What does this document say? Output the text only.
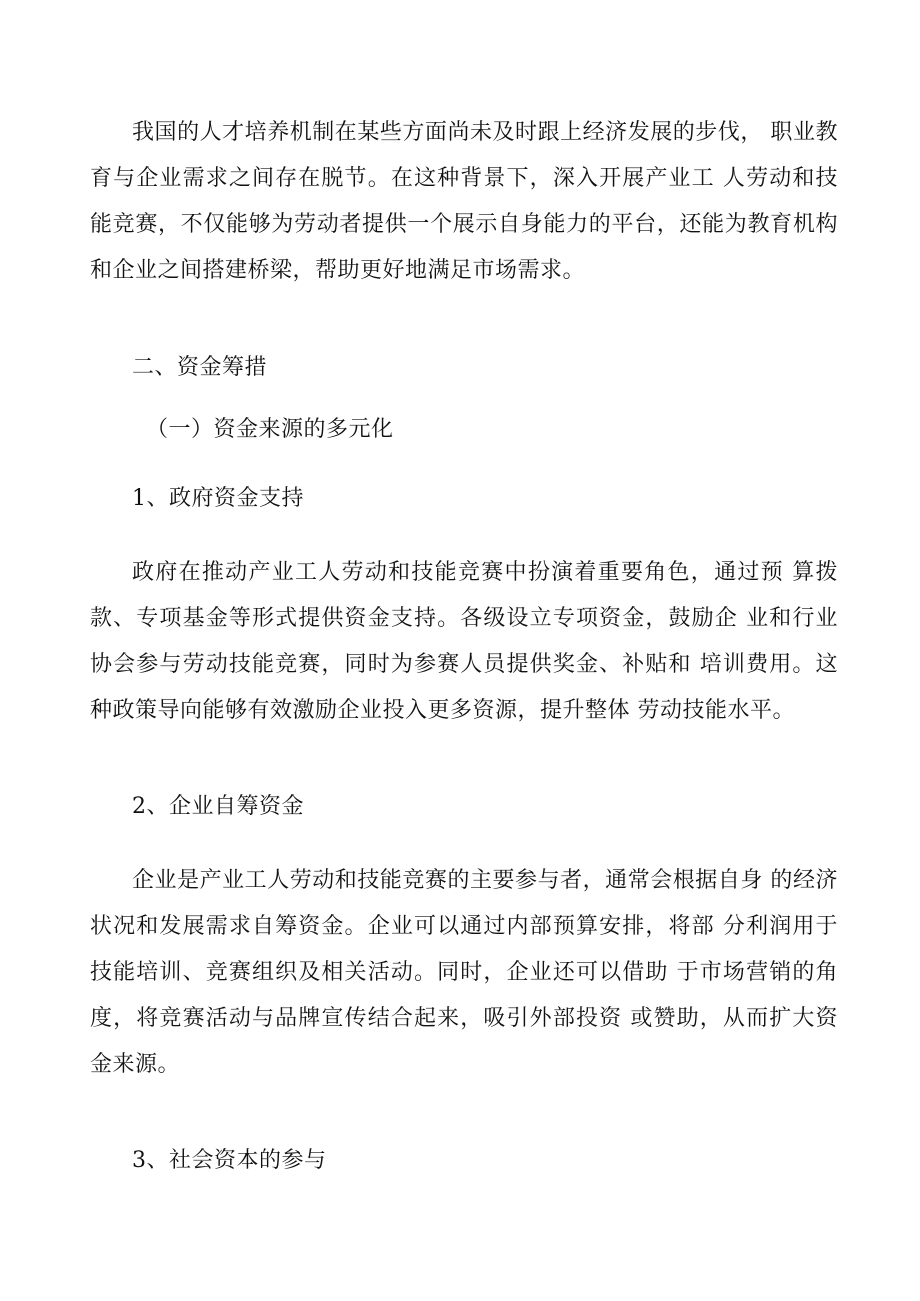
我国的人才培养机制在某些方面尚未及时跟上经济发展的步伐， 职业教育与企业需求之间存在脱节。在这种背景下，深入开展产业工 人劳动和技能竞赛，不仅能够为劳动者提供一个展示自身能力的平台，还能为教育机构和企业之间搭建桥梁，帮助更好地满足市场需求。

二、资金筹措
（一）资金来源的多元化
1、政府资金支持

政府在推动产业工人劳动和技能竞赛中扮演着重要角色，通过预 算拨款、专项基金等形式提供资金支持。各级设立专项资金，鼓励企 业和行业协会参与劳动技能竞赛，同时为参赛人员提供奖金、补贴和 培训费用。这种政策导向能够有效激励企业投入更多资源，提升整体 劳动技能水平。

2、企业自筹资金

企业是产业工人劳动和技能竞赛的主要参与者，通常会根据自身 的经济状况和发展需求自筹资金。企业可以通过内部预算安排，将部 分利润用于技能培训、竞赛组织及相关活动。同时，企业还可以借助 于市场营销的角度，将竞赛活动与品牌宣传结合起来，吸引外部投资 或赞助，从而扩大资金来源。

3、社会资本的参与
